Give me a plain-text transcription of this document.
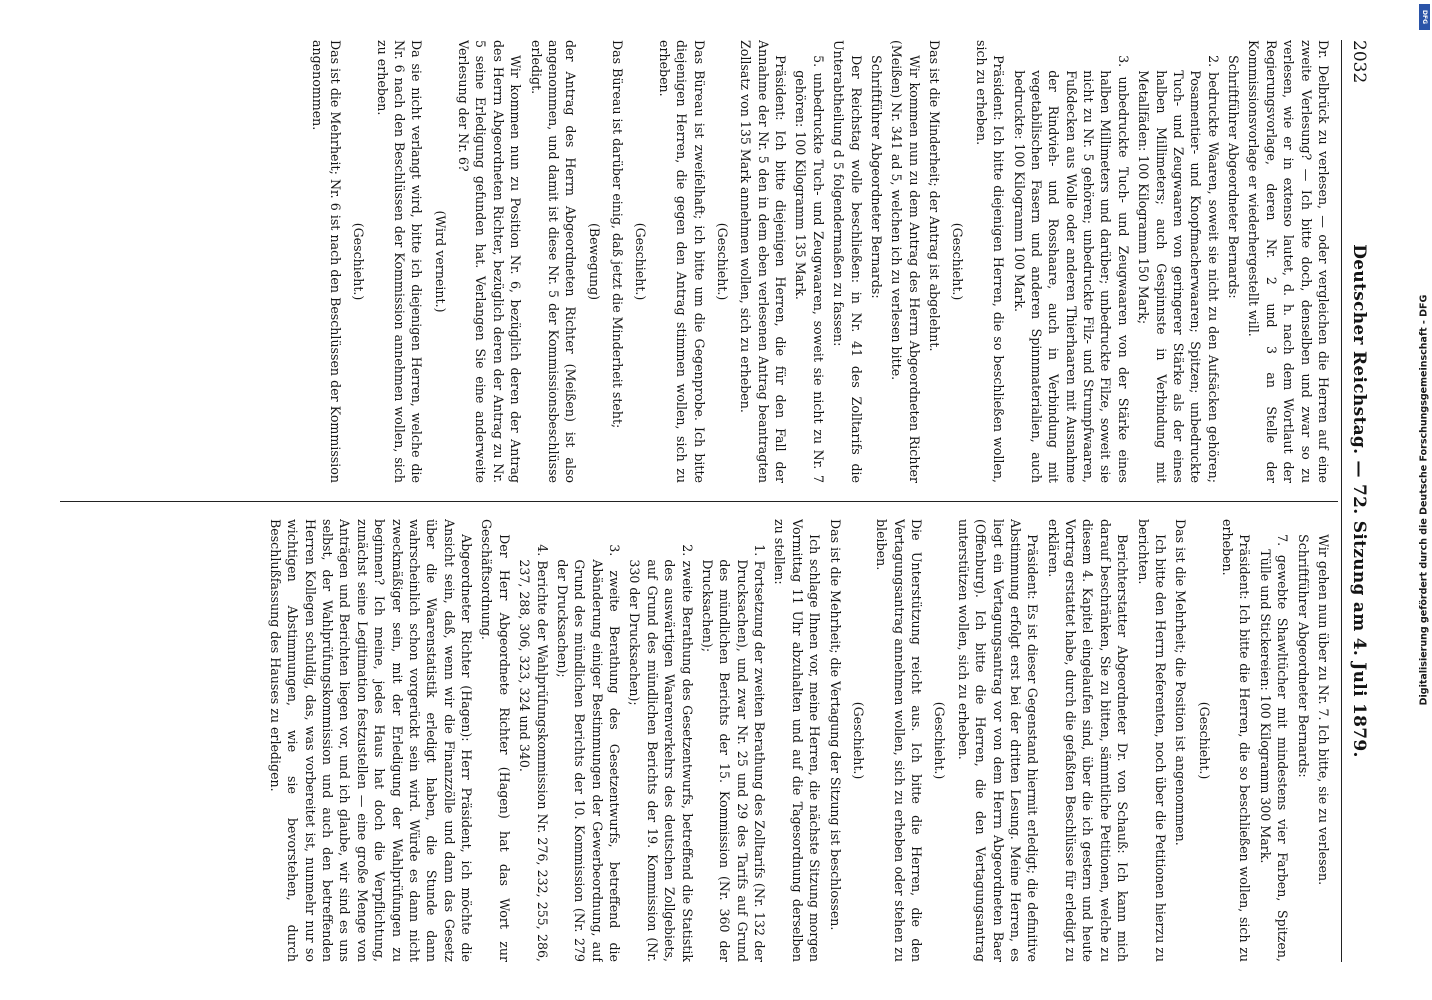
2032
Deutscher Reichstag. — 72. Sitzung am 4. Juli 1879.

Dr. Delbrück zu verlesen, — oder vergleichen die Herren auf eine zweite Verlesung? — Ich bitte doch, denselben und zwar so zu verlesen, wie er in extenso lautet, d. h. nach dem Wortlaut der Regierungsvorlage, deren Nr. 2 und 3 an Stelle der Kommissionsvorlage er wiederhergestellt will.

Schriftführer Abgeordneter Bernards:

2. bedruckte Waaren, soweit sie nicht zu den Aufsäcken gehören; Posamentier- und Knopfmacherwaaren; Spitzen; unbedruckte Tuch- und Zeugwaaren von geringerer Stärke als der eines halben Millimeters; auch Gespinnste in Verbindung mit Metallfäden: 100 Kilogramm 150 Mark;

3. unbedruckte Tuch- und Zeugwaaren von der Stärke eines halben Millimeters und darüber; unbedruckte Filze, soweit sie nicht zu Nr. 5 gehören; unbedruckte Filz- und Strumpfwaaren, Fußdecken aus Wolle oder anderen Thierhaaren mit Ausnahme der Rindvieh- und Rosshaare, auch in Verbindung mit vegetabilischen Fasern und anderen Spinnmaterialien, auch bedruckte: 100 Kilogramm 100 Mark.

Präsident: Ich bitte diejenigen Herren, die so beschließen wollen, sich zu erheben.

(Geschieht.)

Das ist die Minderheit; der Antrag ist abgelehnt.

Wir kommen nun zu dem Antrag des Herrn Abgeordneten Richter (Meißen) Nr. 341 ad 5, welchen ich zu verlesen bitte.

Schriftführer Abgeordneter Bernards:

Der Reichstag wolle beschließen: in Nr. 41 des Zolltarifs die Unterabtheilung d 5 folgendermaßen zu fassen:

5. unbedruckte Tuch- und Zeugwaaren, soweit sie nicht zu Nr. 7 gehören: 100 Kilogramm 135 Mark.

Präsident: Ich bitte diejenigen Herren, die für den Fall der Annahme der Nr. 5 den in dem eben verlesenen Antrag beantragten Zollsatz von 135 Mark annehmen wollen, sich zu erheben.

(Geschieht.)

Das Büreau ist zweifelhaft; ich bitte um die Gegenprobe. Ich bitte diejenigen Herren, die gegen den Antrag stimmen wollen, sich zu erheben.

(Geschieht.)

Das Büreau ist darüber einig, daß jetzt die Minderheit steht;

(Bewegung)

der Antrag des Herrn Abgeordneten Richter (Meißen) ist also angenommen, und damit ist diese Nr. 5 der Kommissionsbeschlüsse erledigt.

Wir kommen nun zu Position Nr. 6, bezüglich deren der Antrag des Herrn Abgeordneten Richter, bezüglich deren der Antrag zu Nr. 5 seine Erledigung gefunden hat. Verlangen Sie eine anderweite Verlesung der Nr. 6?

(Wird verneint.)

Da sie nicht verlangt wird, bitte ich diejenigen Herren, welche die Nr. 6 nach den Beschlüssen der Kommission annehmen wollen, sich zu erheben.

(Geschieht.)

Das ist die Mehrheit; Nr. 6 ist nach den Beschlüssen der Kommission angenommen.

Wir gehen nun über zu Nr. 7. Ich bitte, sie zu verlesen.

Schriftführer Abgeordneter Bernards:

7. gewebte Shawltücher mit mindestens vier Farben, Spitzen, Tülle und Stickereien: 100 Kilogramm 300 Mark.

Präsident: Ich bitte die Herren, die so beschließen wollen, sich zu erheben.

(Geschieht.)

Das ist die Mehrheit; die Position ist angenommen.

Ich bitte den Herrn Referenten, noch über die Petitionen hierzu zu berichten.

Berichterstatter Abgeordneter Dr. von Schauß: Ich kann mich darauf beschränken, Sie zu bitten, sämmtliche Petitionen, welche zu diesem 4. Kapitel eingelaufen sind, über die ich gestern und heute Vortrag erstattet habe, durch die gefaßten Beschlüsse für erledigt zu erklären.

Präsident: Es ist dieser Gegenstand hiermit erledigt; die definitive Abstimmung erfolgt erst bei der dritten Lesung. Meine Herren, es liegt ein Vertagungsantrag vor von dem Herrn Abgeordneten Baer (Offenburg). Ich bitte die Herren, die den Vertagungsantrag unterstützen wollen, sich zu erheben.

(Geschieht.)

Die Unterstützung reicht aus. Ich bitte die Herren, die den Vertagungsantrag annehmen wollen, sich zu erheben oder stehen zu bleiben.

(Geschieht.)

Das ist die Mehrheit; die Vertagung der Sitzung ist beschlossen.

Ich schlage Ihnen vor, meine Herren, die nächste Sitzung morgen Vormittag 11 Uhr abzuhalten und auf die Tagesordnung derselben zu stellen:

1. Fortsetzung der zweiten Berathung des Zolltarifs (Nr. 132 der Drucksachen), und zwar Nr. 25 und 29 des Tarifs auf Grund des mündlichen Berichts der 15. Kommission (Nr. 360 der Drucksachen);

2. zweite Berathung des Gesetzentwurfs, betreffend die Statistik des auswärtigen Waarenverkehrs des deutschen Zollgebiets, auf Grund des mündlichen Berichts der 19. Kommission (Nr. 330 der Drucksachen);

3. zweite Berathung des Gesetzentwurfs, betreffend die Abänderung einiger Bestimmungen der Gewerbeordnung, auf Grund des mündlichen Berichts der 10. Kommission (Nr. 279 der Drucksachen);

4. Berichte der Wahlprüfungskommission Nr. 276, 232, 255, 286, 237, 288, 306, 323, 324 und 340.

Der Herr Abgeordnete Richter (Hagen) hat das Wort zur Geschäftsordnung.

Abgeordneter Richter (Hagen): Herr Präsident, ich möchte die Ansicht sein, daß, wenn wir die Finanzzölle und dann das Gesetz über die Waarenstatistik erledigt haben, die Stunde dann wahrscheinlich schon vorgerückt sein wird. Würde es dann nicht zweckmäßiger sein, mit der Erledigung der Wahlprüfungen zu beginnen? Ich meine, jedes Haus hat doch die Verpflichtung, zunächst seine Legitimation festzustellen — eine große Menge von Anträgen und Berichten liegen vor, und ich glaube, wir sind es uns selbst, der Wahlprüfungskommission und auch den betreffenden Herren Kollegen schuldig, das, was vorbereitet ist, nunmehr nur so wichtigen Abstimmungen, wie sie bevorstehen, durch Beschlußfassung des Hauses zu erledigen.

DFG
Digitalisierung gefördert durch die Deutsche Forschungsgemeinschaft - DFG
